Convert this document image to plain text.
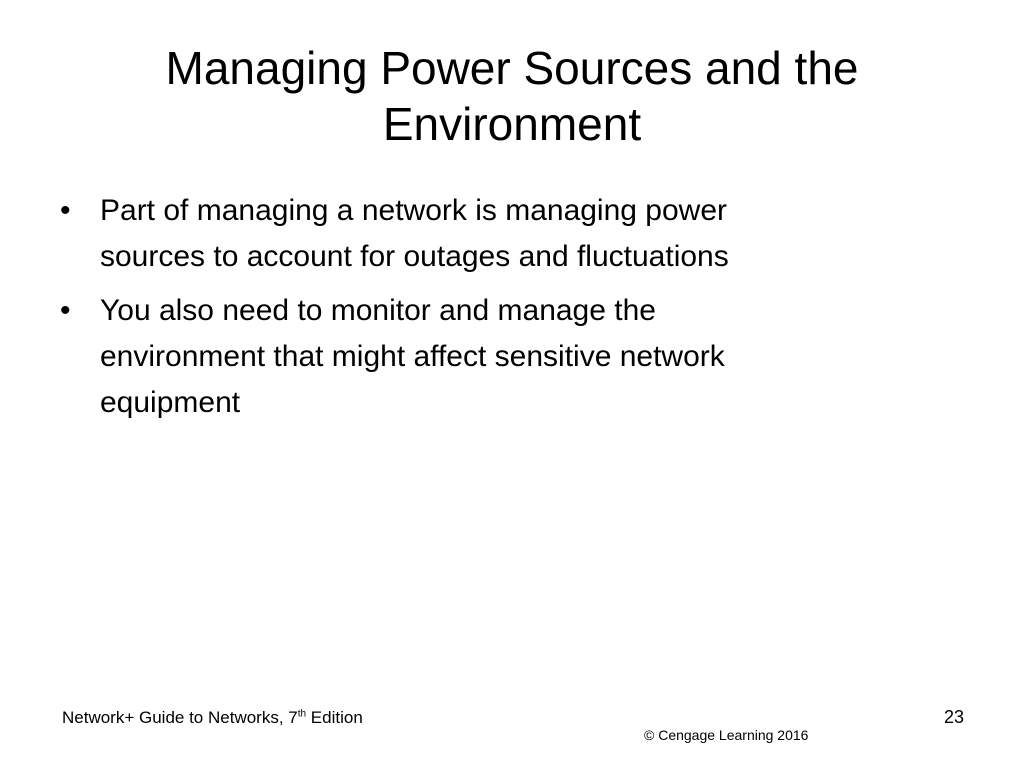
Managing Power Sources and the
Environment
• Part of managing a network is managing power
sources to account for outages and fluctuations
• You also need to monitor and manage the
environment that might affect sensitive network
equipment
Network+ Guide to Networks, 7th Edition	23
© Cengage Learning 2016
